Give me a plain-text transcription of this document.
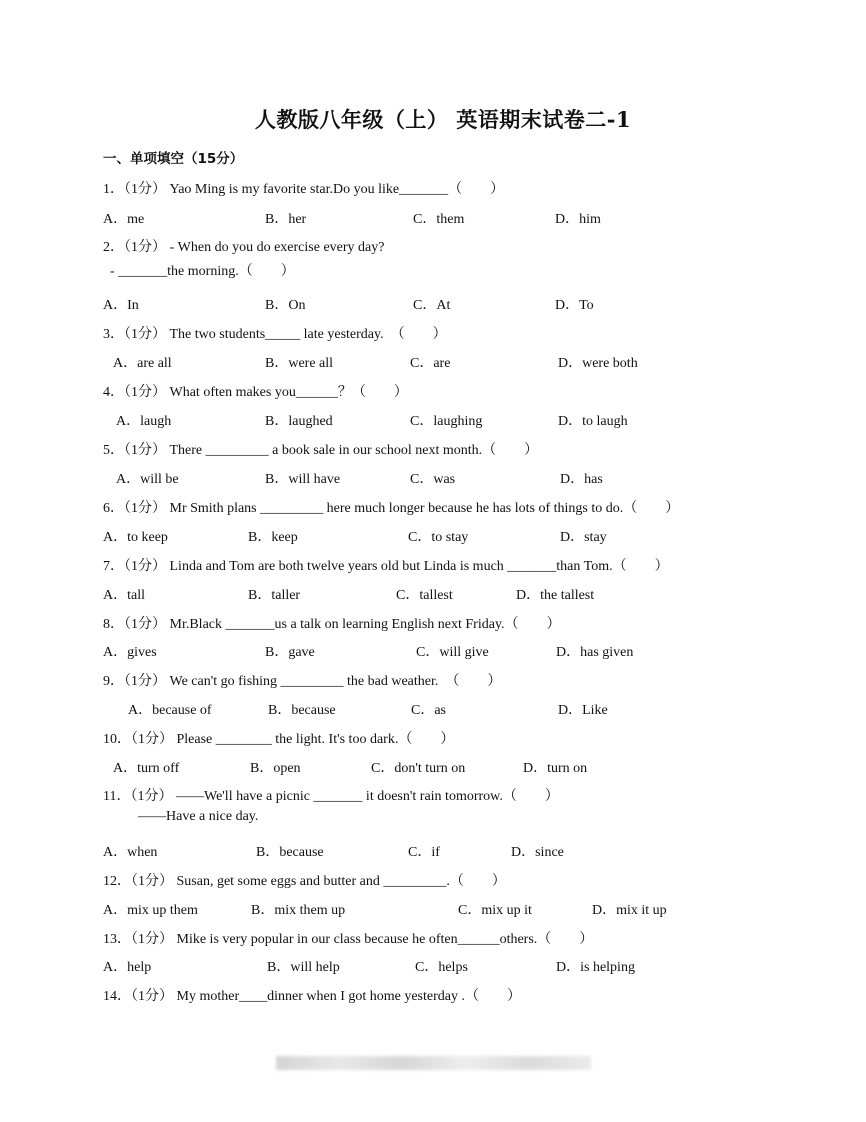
人教版八年级（上） 英语期末试卷二-1
一、单项填空（15分）
1．（1分） Yao Ming is my favorite star.Do you like_______（　　）
A．me	B．her	C．them	D．him
2．（1分） - When do you do exercise every day?
- _______the morning.（　　）
A．In	B．On	C．At	D．To
3．（1分） The two students_____ late yesterday.　（　　）
A．are all	B．were all	C．are	D．were both
4．（1分） What often makes you______？（　　）
A．laugh	B．laughed	C．laughing	D．to laugh
5．（1分） There _________ a book sale in our school next month.（　　）
A．will be	B．will have	C．was	D．has
6．（1分） Mr Smith plans _________ here much longer because he has lots of things to do.（　　）
A．to keep	B．keep	C．to stay	D．stay
7．（1分） Linda and Tom are both twelve years old but Linda is much _______than Tom.（　　）
A．tall	B．taller	C．tallest	D．the tallest
8．（1分） Mr.Black _______us a talk on learning English next Friday.（　　）
A．gives	B．gave	C．will give	D．has given
9．（1分） We can't go fishing _________ the bad weather.　（　　）
A．because of	B．because	C．as	D．Like
10．（1分） Please ________ the light. It's too dark.（　　）
A．turn off	B．open	C．don't turn on	D．turn on
11．（1分） ——We'll have a picnic _______ it doesn't rain tomorrow.（　　）
——Have a nice day.
A．when	B．because	C．if	D．since
12．（1分） Susan, get some eggs and butter and _________.（　　）
A．mix up them	B．mix them up	C．mix up it	D．mix it up
13．（1分） Mike is very popular in our class because he often______others.（　　）
A．help	B．will help	C．helps	D．is helping
14．（1分） My mother____dinner when I got home yesterday .（　　）
